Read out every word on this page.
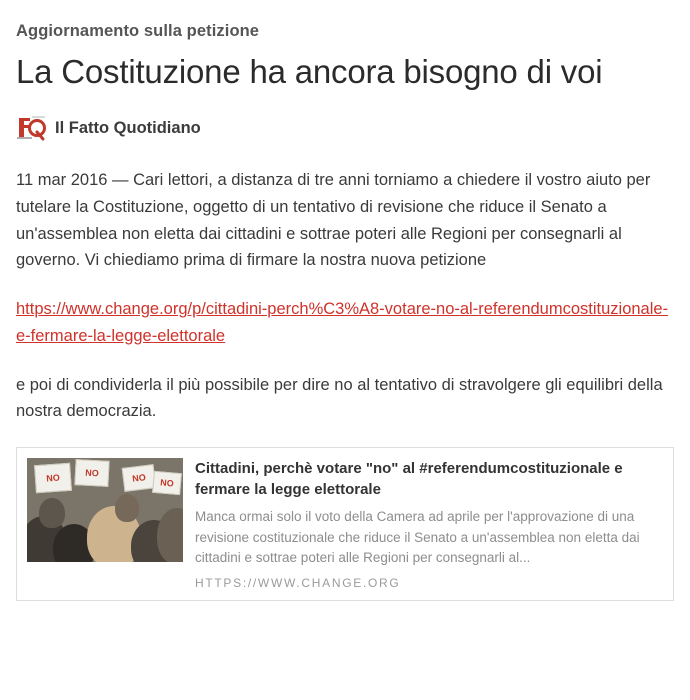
Aggiornamento sulla petizione
La Costituzione ha ancora bisogno di voi
Il Fatto Quotidiano

11 mar 2016 — Cari lettori, a distanza di tre anni torniamo a chiedere il vostro aiuto per tutelare la Costituzione, oggetto di un tentativo di revisione che riduce il Senato a un'assemblea non eletta dai cittadini e sottrae poteri alle Regioni per consegnarli al governo. Vi chiediamo prima di firmare la nostra nuova petizione

https://www.change.org/p/cittadini-perch%C3%A8-votare-no-al-referendumcostituzionale-e-fermare-la-legge-elettorale

e poi di condividerla il più possibile per dire no al tentativo di stravolgere gli equilibri della nostra democrazia.

NO	NO	NO NO
Cittadini, perchè votare "no" al #referendumcostituzionale e fermare la legge elettorale
Manca ormai solo il voto della Camera ad aprile per l'approvazione di una revisione costituzionale che riduce il Senato a un'assemblea non eletta dai cittadini e sottrae poteri alle Regioni per consegnarli al...
HTTPS://WWW.CHANGE.ORG
